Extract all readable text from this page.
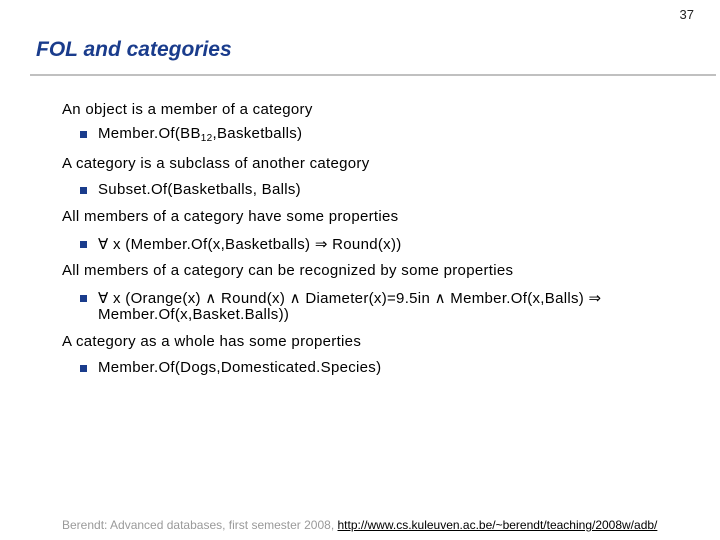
37
FOL and categories
An object is a member of a category
$Member.Of(BB_{12},Basketballs)$
A category is a subclass of another category
Subset.Of(Basketballs, Balls)
All members of a category have some properties
∀ x (Member.Of(x,Basketballs) ⇒ Round(x))
All members of a category can be recognized by some properties
∀ x (Orange(x) ∧ Round(x) ∧ Diameter(x)=9.5in ∧ Member.Of(x,Balls) ⇒
Member.Of(x,Basket.Balls))
A category as a whole has some properties
Member.Of(Dogs,Domesticated.Species)
Berendt: Advanced databases, first semester 2008, http://www.cs.kuleuven.ac.be/~berendt/teaching/2008w/adb/
